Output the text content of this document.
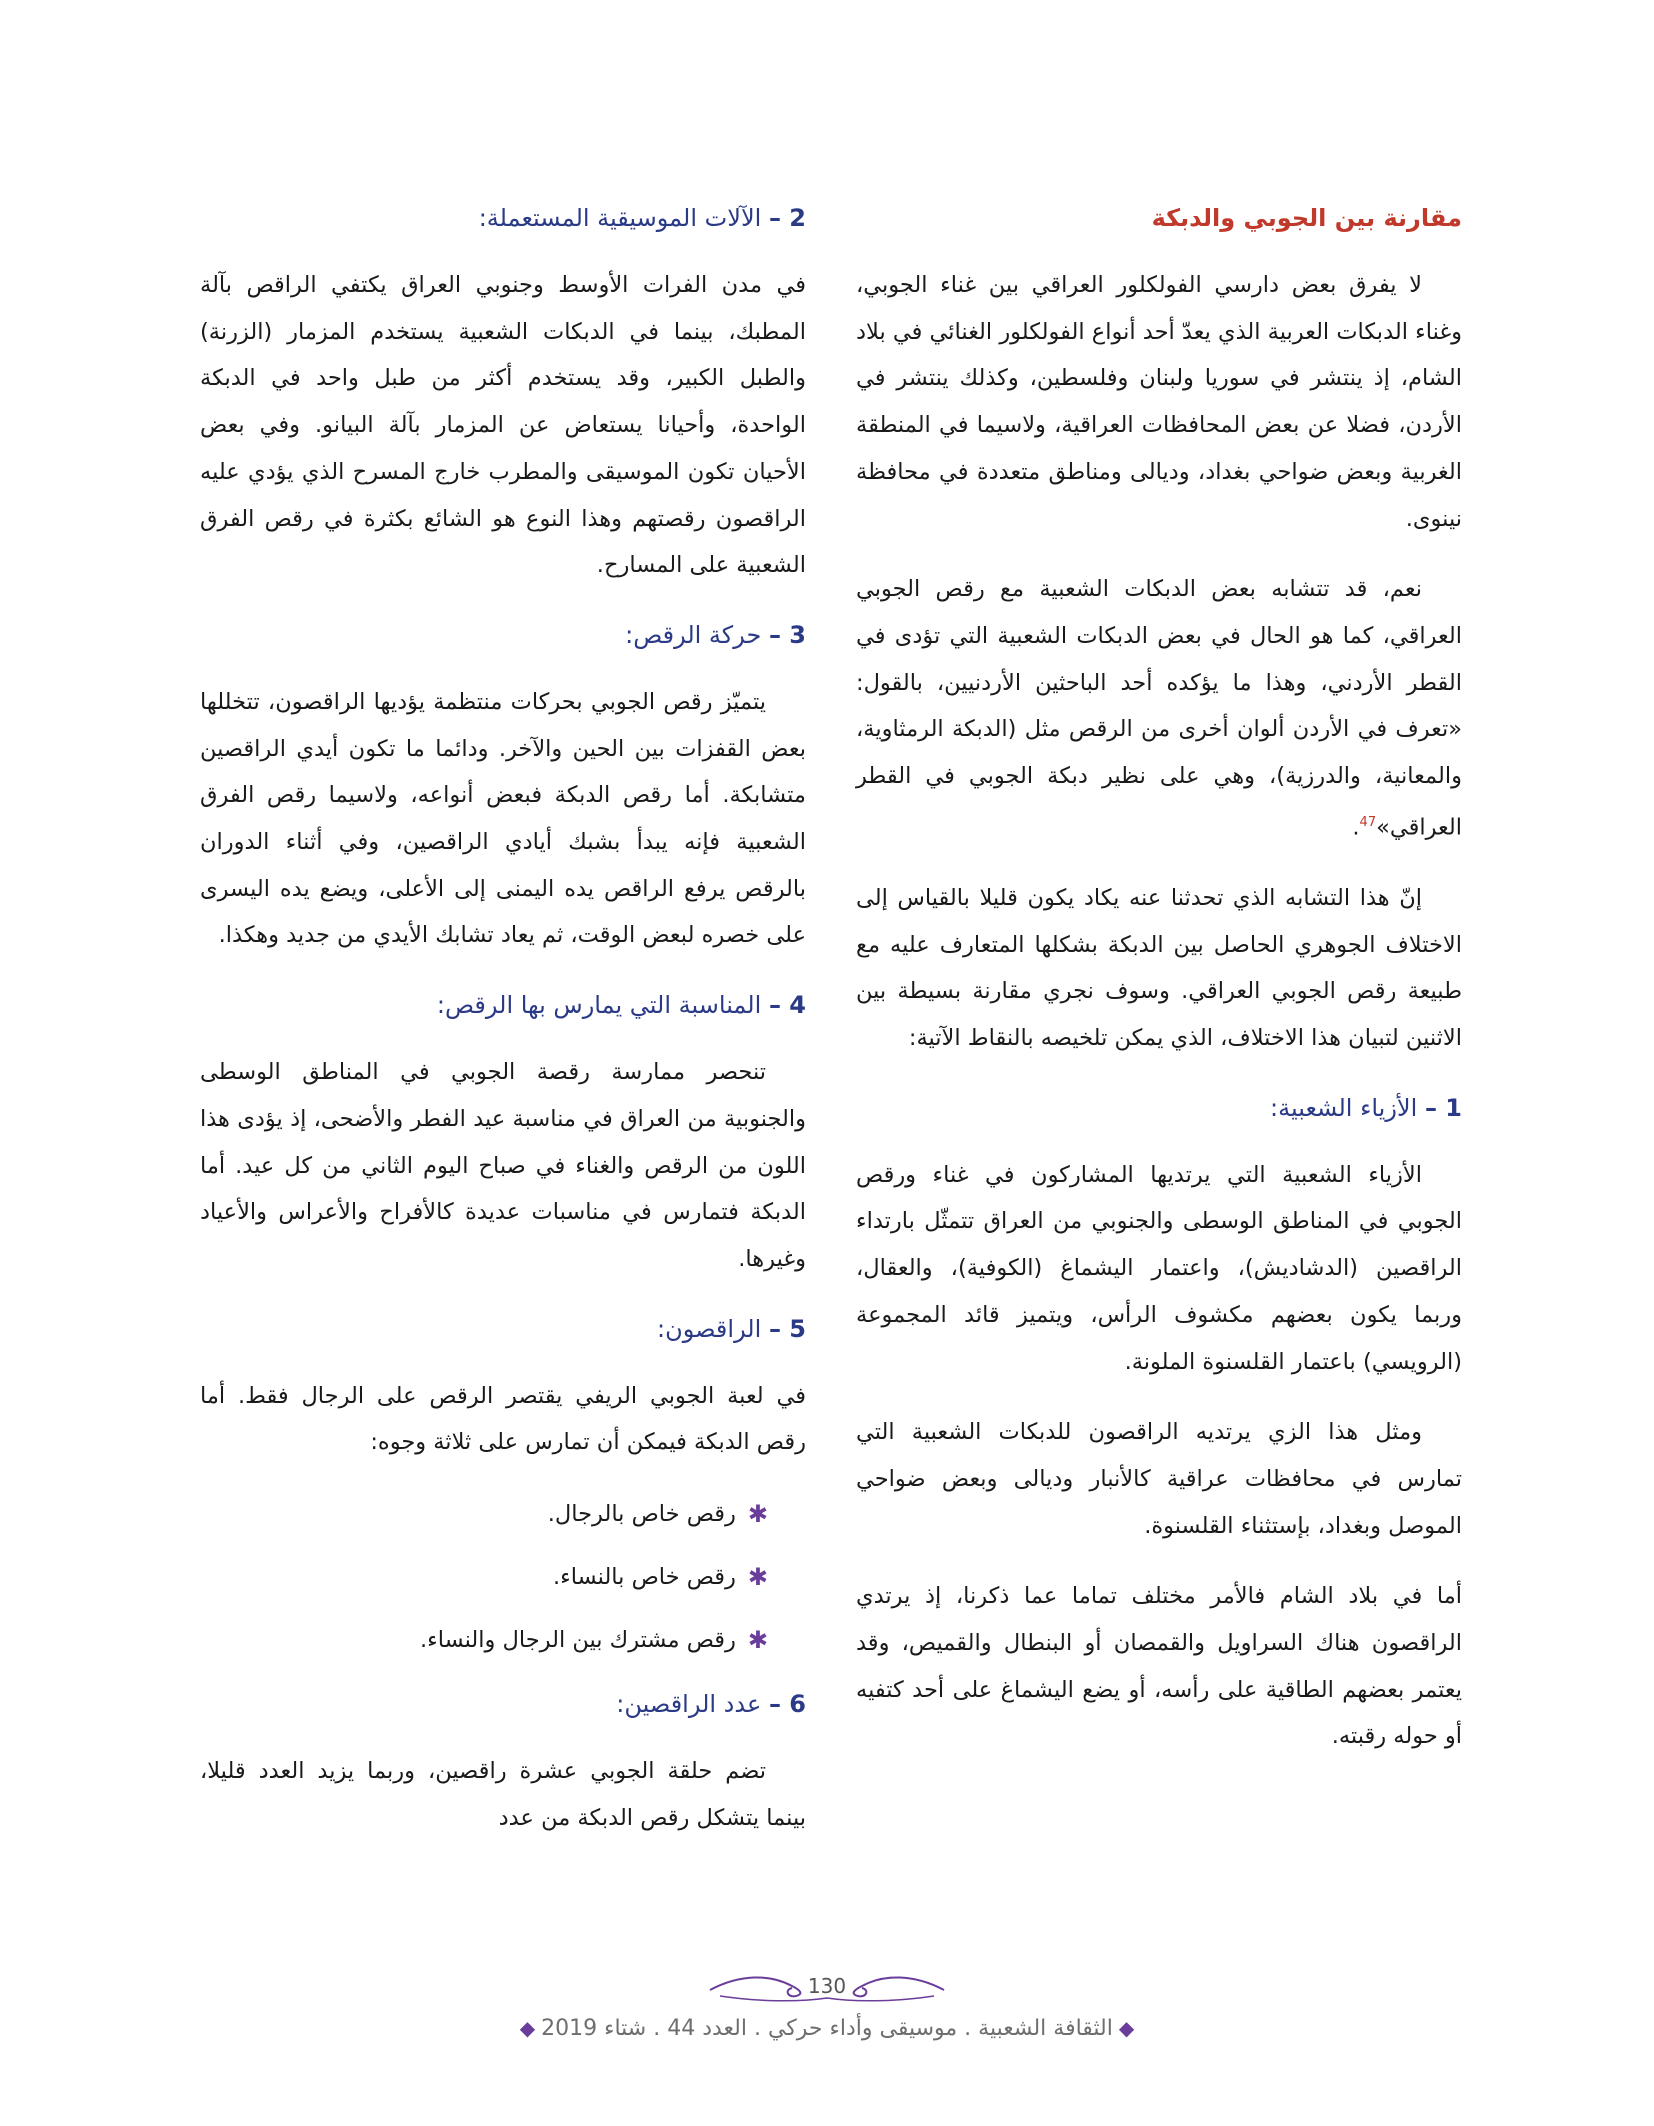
مقارنة بين الجوبي والدبكة

لا يفرق بعض دارسي الفولكلور العراقي بين غناء الجوبي، وغناء الدبكات العربية الذي يعدّ أحد أنواع الفولكلور الغنائي في بلاد الشام، إذ ينتشر في سوريا ولبنان وفلسطين، وكذلك ينتشر في الأردن، فضلا عن بعض المحافظات العراقية، ولاسيما في المنطقة الغربية وبعض ضواحي بغداد، وديالى ومناطق متعددة في محافظة نينوى.

نعم، قد تتشابه بعض الدبكات الشعبية مع رقص الجوبي العراقي، كما هو الحال في بعض الدبكات الشعبية التي تؤدى في القطر الأردني، وهذا ما يؤكده أحد الباحثين الأردنيين، بالقول: «تعرف في الأردن ألوان أخرى من الرقص مثل (الدبكة الرمثاوية، والمعانية، والدرزية)، وهي على نظير دبكة الجوبي في القطر العراقي»$^{47}$.

إنّ هذا التشابه الذي تحدثنا عنه يكاد يكون قليلا بالقياس إلى الاختلاف الجوهري الحاصل بين الدبكة بشكلها المتعارف عليه مع طبيعة رقص الجوبي العراقي. وسوف نجري مقارنة بسيطة بين الاثنين لتبيان هذا الاختلاف، الذي يمكن تلخيصه بالنقاط الآتية:

1 – الأزياء الشعبية:

الأزياء الشعبية التي يرتديها المشاركون في غناء ورقص الجوبي في المناطق الوسطى والجنوبي من العراق تتمثّل بارتداء الراقصين (الدشاديش)، واعتمار اليشماغ (الكوفية)، والعقال، وربما يكون بعضهم مكشوف الرأس، ويتميز قائد المجموعة (الرويسي) باعتمار القلسنوة الملونة.

ومثل هذا الزي يرتديه الراقصون للدبكات الشعبية التي تمارس في محافظات عراقية كالأنبار وديالى وبعض ضواحي الموصل وبغداد، بإستثناء القلسنوة.

أما في بلاد الشام فالأمر مختلف تماما عما ذكرنا، إذ يرتدي الراقصون هناك السراويل والقمصان أو البنطال والقميص، وقد يعتمر بعضهم الطاقية على رأسه، أو يضع اليشماغ على أحد كتفيه أو حوله رقبته.

2 – الآلات الموسيقية المستعملة:

في مدن الفرات الأوسط وجنوبي العراق يكتفي الراقص بآلة المطبك، بينما في الدبكات الشعبية يستخدم المزمار (الزرنة) والطبل الكبير، وقد يستخدم أكثر من طبل واحد في الدبكة الواحدة، وأحيانا يستعاض عن المزمار بآلة البيانو. وفي بعض الأحيان تكون الموسيقى والمطرب خارج المسرح الذي يؤدي عليه الراقصون رقصتهم وهذا النوع هو الشائع بكثرة في رقص الفرق الشعبية على المسارح.

3 – حركة الرقص:

يتميّز رقص الجوبي بحركات منتظمة يؤديها الراقصون، تتخللها بعض القفزات بين الحين والآخر. ودائما ما تكون أيدي الراقصين متشابكة. أما رقص الدبكة فبعض أنواعه، ولاسيما رقص الفرق الشعبية فإنه يبدأ بشبك أيادي الراقصين، وفي أثناء الدوران بالرقص يرفع الراقص يده اليمنى إلى الأعلى، ويضع يده اليسرى على خصره لبعض الوقت، ثم يعاد تشابك الأيدي من جديد وهكذا.

4 – المناسبة التي يمارس بها الرقص:

تنحصر ممارسة رقصة الجوبي في المناطق الوسطى والجنوبية من العراق في مناسبة عيد الفطر والأضحى، إذ يؤدى هذا اللون من الرقص والغناء في صباح اليوم الثاني من كل عيد. أما الدبكة فتمارس في مناسبات عديدة كالأفراح والأعراس والأعياد وغيرها.

5 – الراقصون:

في لعبة الجوبي الريفي يقتصر الرقص على الرجال فقط. أما رقص الدبكة فيمكن أن تمارس على ثلاثة وجوه:

✱
رقص خاص بالرجال.
✱
رقص خاص بالنساء.
✱
رقص مشترك بين الرجال والنساء.
6 – عدد الراقصين:

تضم حلقة الجوبي عشرة راقصين، وربما يزيد العدد قليلا، بينما يتشكل رقص الدبكة من عدد

130
◆الثقافة الشعبية . موسيقى وأداء حركي . العدد 44 . شتاء 2019◆
